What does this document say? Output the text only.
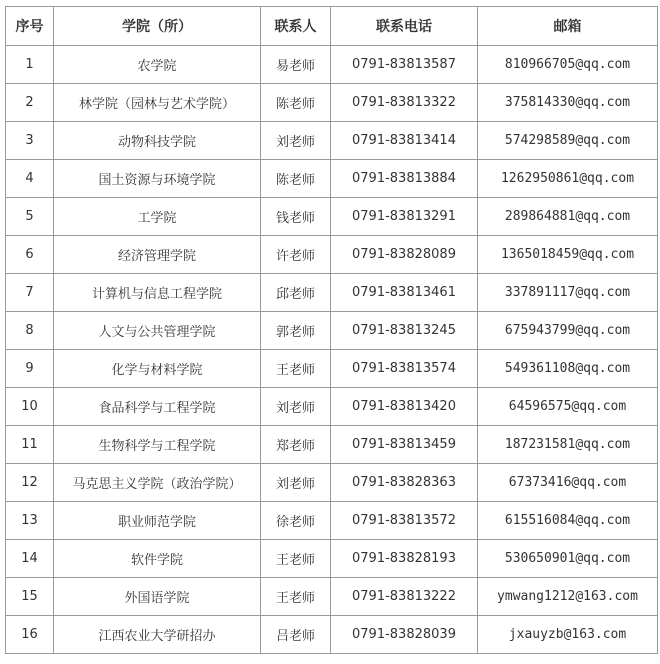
序号	学院（所）	联系人	联系电话	邮箱
1	农学院	易老师	0791-83813587	810966705@qq.com
2	林学院（园林与艺术学院）	陈老师	0791-83813322	375814330@qq.com
3	动物科技学院	刘老师	0791-83813414	574298589@qq.com
4	国土资源与环境学院	陈老师	0791-83813884	1262950861@qq.com
5	工学院	钱老师	0791-83813291	289864881@qq.com
6	经济管理学院	许老师	0791-83828089	1365018459@qq.com
7	计算机与信息工程学院	邱老师	0791-83813461	337891117@qq.com
8	人文与公共管理学院	郭老师	0791-83813245	675943799@qq.com
9	化学与材料学院	王老师	0791-83813574	549361108@qq.com
10	食品科学与工程学院	刘老师	0791-83813420	64596575@qq.com
11	生物科学与工程学院	郑老师	0791-83813459	187231581@qq.com
12	马克思主义学院（政治学院）	刘老师	0791-83828363	67373416@qq.com
13	职业师范学院	徐老师	0791-83813572	615516084@qq.com
14	软件学院	王老师	0791-83828193	530650901@qq.com
15	外国语学院	王老师	0791-83813222	ymwang1212@163.com
16	江西农业大学研招办	吕老师	0791-83828039	jxauyzb@163.com
